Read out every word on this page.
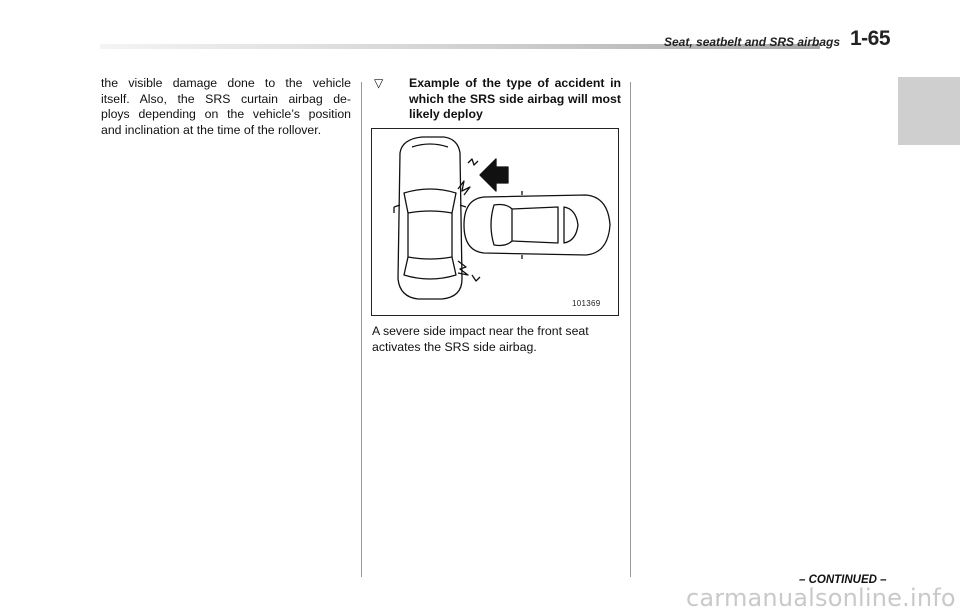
Seat, seatbelt and SRS airbags 1-65
the visible damage done to the vehicle
itself. Also, the SRS curtain airbag de-
ploys depending on the vehicle’s position
and inclination at the time of the rollover.
▽ Example of the type of accident in which the SRS side airbag will most likely deploy
101369
A severe side impact near the front seat activates the SRS side airbag.
– CONTINUED –
carmanualsonline.info
